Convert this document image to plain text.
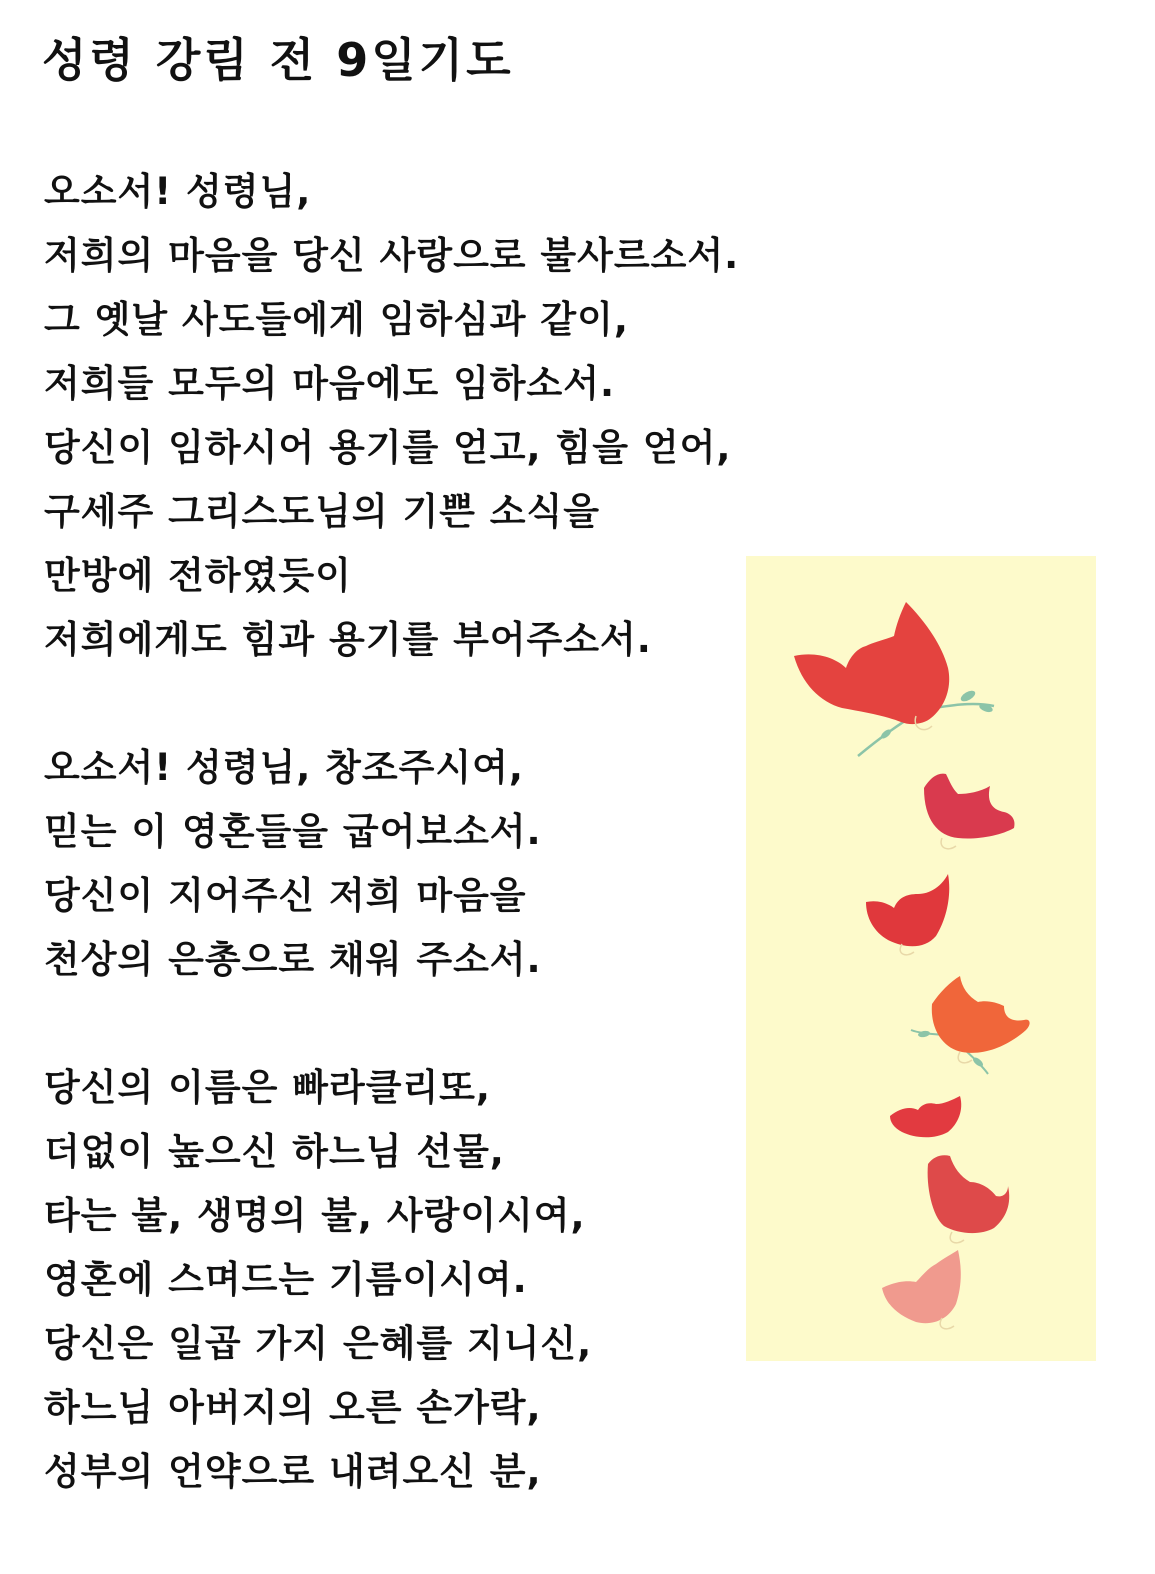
성령 강림 전 9일기도
오소서! 성령님,
저희의 마음을 당신 사랑으로 불사르소서.
그 옛날 사도들에게 임하심과 같이,
저희들 모두의 마음에도 임하소서.
당신이 임하시어 용기를 얻고, 힘을 얻어,
구세주 그리스도님의 기쁜 소식을
만방에 전하였듯이
저희에게도 힘과 용기를 부어주소서.
오소서! 성령님, 창조주시여,
믿는 이 영혼들을 굽어보소서.
당신이 지어주신 저희 마음을
천상의 은총으로 채워 주소서.
당신의 이름은 빠라클리또,
더없이 높으신 하느님 선물,
타는 불, 생명의 불, 사랑이시여,
영혼에 스며드는 기름이시여.
당신은 일곱 가지 은혜를 지니신,
하느님 아버지의 오른 손가락,
성부의 언약으로 내려오신 분,
